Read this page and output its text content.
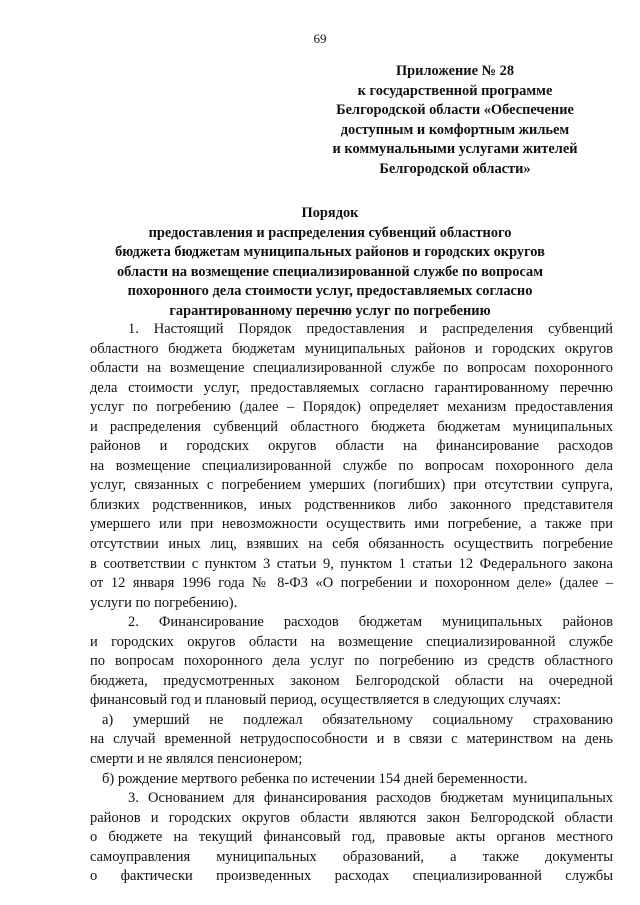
69
Приложение № 28
к государственной программе
Белгородской области «Обеспечение
доступным и комфортным жильем
и коммунальными услугами жителей
Белгородской области»
Порядок
предоставления и распределения субвенций областного
бюджета бюджетам муниципальных районов и городских округов
области на возмещение специализированной службе по вопросам
похоронного дела стоимости услуг, предоставляемых согласно
гарантированному перечню услуг по погребению
1. Настоящий Порядок предоставления и распределения субвенций
областного бюджета бюджетам муниципальных районов и городских округов
области на возмещение специализированной службе по вопросам похоронного
дела стоимости услуг, предоставляемых согласно гарантированному перечню
услуг по погребению (далее – Порядок) определяет механизм предоставления
и распределения субвенций областного бюджета бюджетам муниципальных
районов и городских округов области на финансирование расходов
на возмещение специализированной службе по вопросам похоронного дела
услуг, связанных с погребением умерших (погибших) при отсутствии супруга,
близких родственников, иных родственников либо законного представителя
умершего или при невозможности осуществить ими погребение, а также при
отсутствии иных лиц, взявших на себя обязанность осуществить погребение
в соответствии с пунктом 3 статьи 9, пунктом 1 статьи 12 Федерального закона
от 12 января 1996 года № 8-ФЗ «О погребении и похоронном деле» (далее –
услуги по погребению).
2. Финансирование расходов бюджетам муниципальных районов
и городских округов области на возмещение специализированной службе
по вопросам похоронного дела услуг по погребению из средств областного
бюджета, предусмотренных законом Белгородской области на очередной
финансовый год и плановый период, осуществляется в следующих случаях:
а) умерший не подлежал обязательному социальному страхованию
на случай временной нетрудоспособности и в связи с материнством на день
смерти и не являлся пенсионером;
б) рождение мертвого ребенка по истечении 154 дней беременности.
3. Основанием для финансирования расходов бюджетам муниципальных
районов и городских округов области являются закон Белгородской области
о бюджете на текущий финансовый год, правовые акты органов местного
самоуправления муниципальных образований, а также документы
о фактически произведенных расходах специализированной службы
